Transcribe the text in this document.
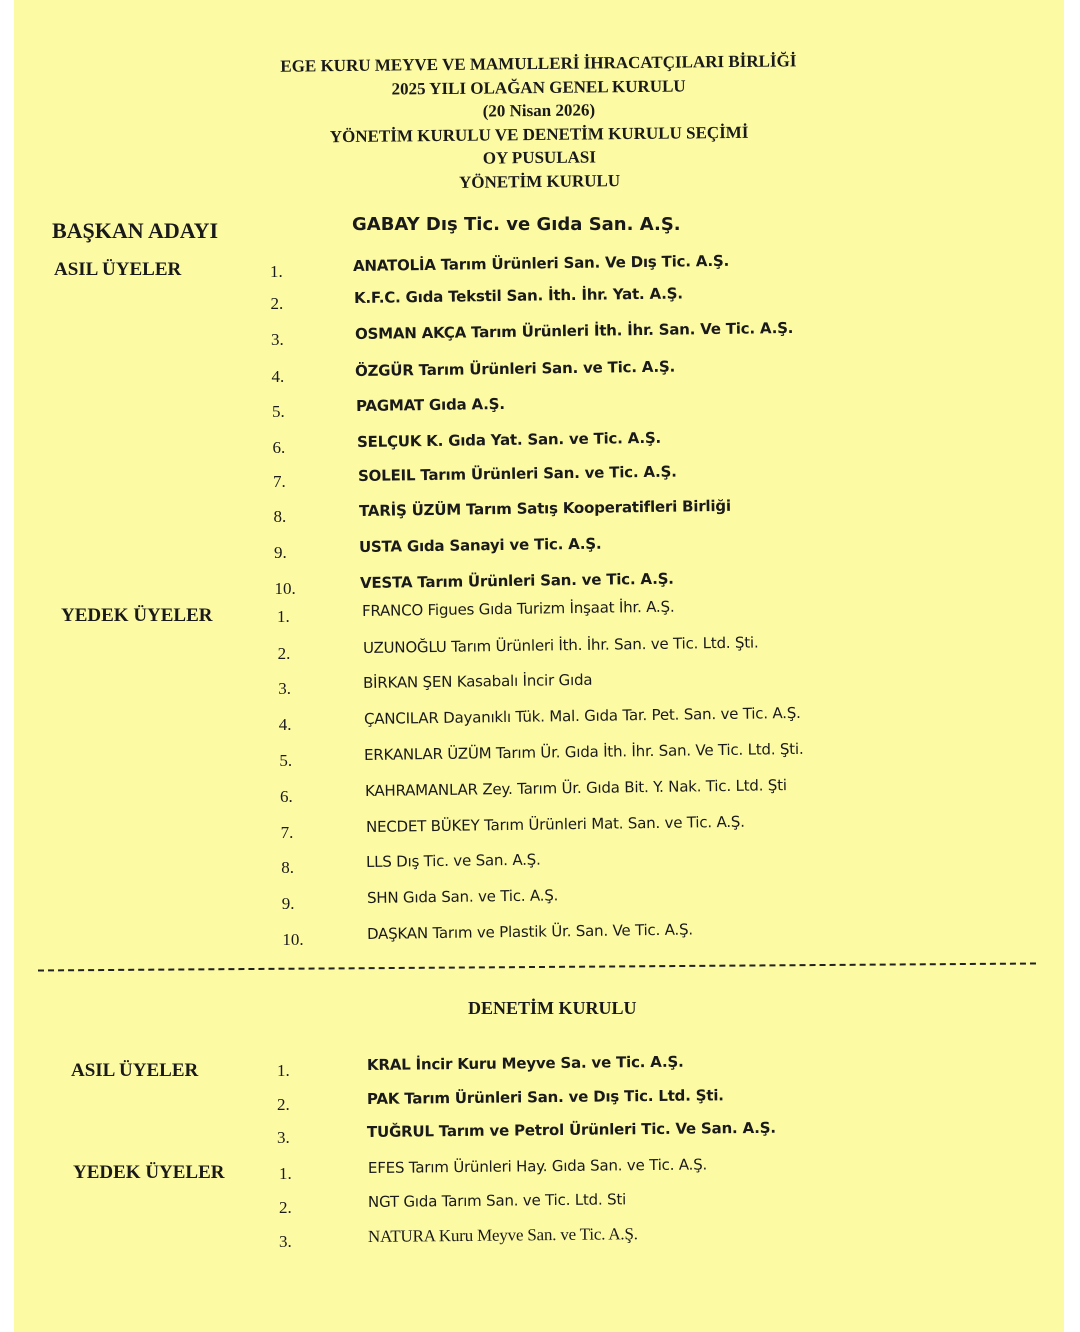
EGE KURU MEYVE VE MAMULLERİ İHRACATÇILARI BİRLİĞİ
2025 YILI OLAĞAN GENEL KURULU
(20 Nisan 2026)
YÖNETİM KURULU VE DENETİM KURULU SEÇİMİ
OY PUSULASI
YÖNETİM KURULU
BAŞKAN ADAYI	GABAY Dış Tic. ve Gıda San. A.Ş.
ASIL ÜYELER	1.	ANATOLİA Tarım Ürünleri San. Ve Dış Tic. A.Ş.
2.	K.F.C. Gıda Tekstil San. İth. İhr. Yat. A.Ş.
3.	OSMAN AKÇA Tarım Ürünleri İth. İhr. San. Ve Tic. A.Ş.
4.	ÖZGÜR Tarım Ürünleri San. ve Tic. A.Ş.
5.	PAGMAT Gıda A.Ş.
6.	SELÇUK K. Gıda Yat. San. ve Tic. A.Ş.
7.	SOLEIL Tarım Ürünleri San. ve Tic. A.Ş.
8.	TARİŞ ÜZÜM Tarım Satış Kooperatifleri Birliği
9.	USTA Gıda Sanayi ve Tic. A.Ş.
10.	VESTA Tarım Ürünleri San. ve Tic. A.Ş.
YEDEK ÜYELER	1.	FRANCO Figues Gıda Turizm İnşaat İhr. A.Ş.
2.	UZUNOĞLU Tarım Ürünleri İth. İhr. San. ve Tic. Ltd. Şti.
3.	BİRKAN ŞEN Kasabalı İncir Gıda
4.	ÇANCILAR Dayanıklı Tük. Mal. Gıda Tar. Pet. San. ve Tic. A.Ş.
5.	ERKANLAR ÜZÜM Tarım Ür. Gıda İth. İhr. San. Ve Tic. Ltd. Şti.
6.	KAHRAMANLAR Zey. Tarım Ür. Gıda Bit. Y. Nak. Tic. Ltd. Şti
7.	NECDET BÜKEY Tarım Ürünleri Mat. San. ve Tic. A.Ş.
8.	LLS Dış Tic. ve San. A.Ş.
9.	SHN Gıda San. ve Tic. A.Ş.
10.	DAŞKAN Tarım ve Plastik Ür. San. Ve Tic. A.Ş.
DENETİM KURULU
ASIL ÜYELER	1.	KRAL İncir Kuru Meyve Sa. ve Tic. A.Ş.
2.	PAK Tarım Ürünleri San. ve Dış Tic. Ltd. Şti.
3.	TUĞRUL Tarım ve Petrol Ürünleri Tic. Ve San. A.Ş.
YEDEK ÜYELER	1.	EFES Tarım Ürünleri Hay. Gıda San. ve Tic. A.Ş.
2.	NGT Gıda Tarım San. ve Tic. Ltd. Sti
3.	NATURA Kuru Meyve San. ve Tic. A.Ş.
